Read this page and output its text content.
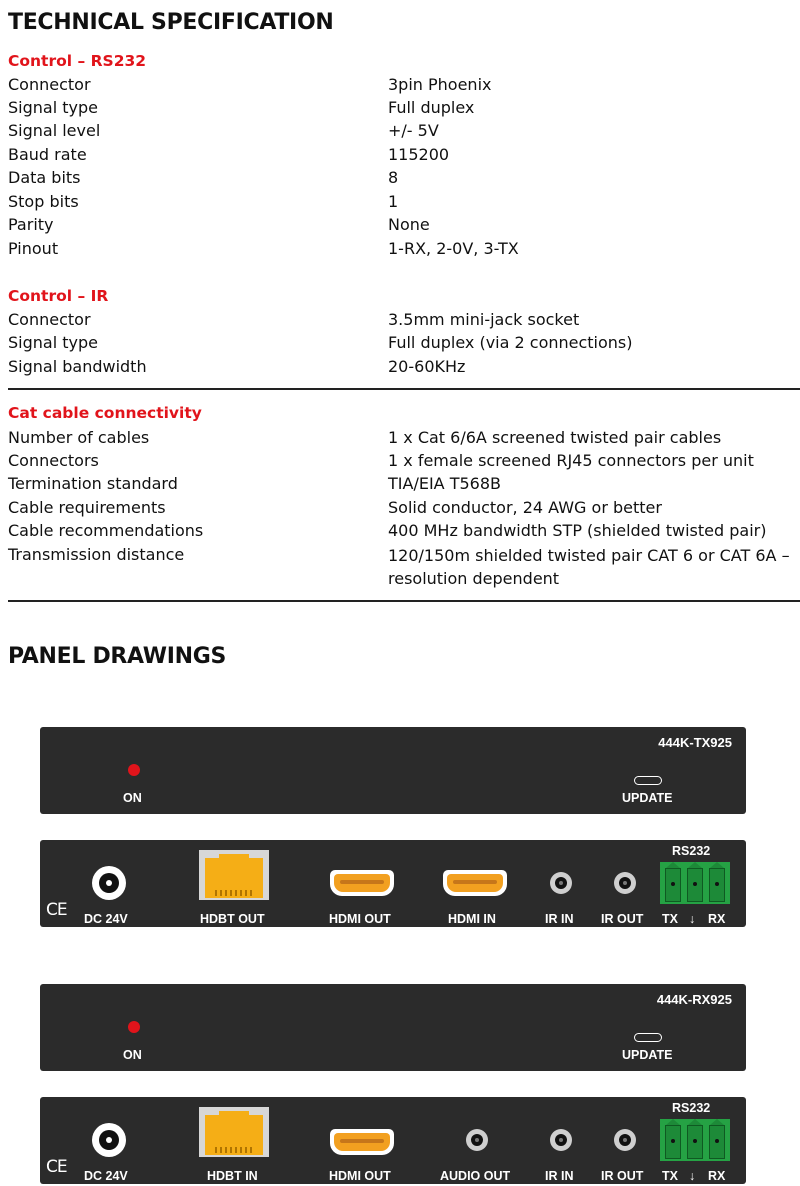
TECHNICAL SPECIFICATION
Control – RS232
Connector	3pin Phoenix
Signal type	Full duplex
Signal level	+/- 5V
Baud rate	115200
Data bits	8
Stop bits	1
Parity	None
Pinout	1-RX, 2-0V, 3-TX
Control – IR
Connector	3.5mm mini-jack socket
Signal type	Full duplex (via 2 connections)
Signal bandwidth	20-60KHz
Cat cable connectivity
Number of cables	1 x Cat 6/6A screened twisted pair cables
Connectors	1 x female screened RJ45 connectors per unit
Termination standard	TIA/EIA T568B
Cable requirements	Solid conductor, 24 AWG or better
Cable recommendations	400 MHz bandwidth STP (shielded twisted pair)
Transmission distance	120/150m shielded twisted pair CAT 6 or CAT 6A – resolution dependent
PANEL DRAWINGS
444K-TX925
ON	UPDATE
CE DC 24V	HDBT OUT	HDMI OUT	HDMI IN	IR IN IR OUT
RS232
TX ↓ RX
444K-RX925
ON	UPDATE
CE DC 24V	HDBT IN	HDMI OUT	AUDIO OUT	IR IN IR OUT
RS232
TX ↓ RX
